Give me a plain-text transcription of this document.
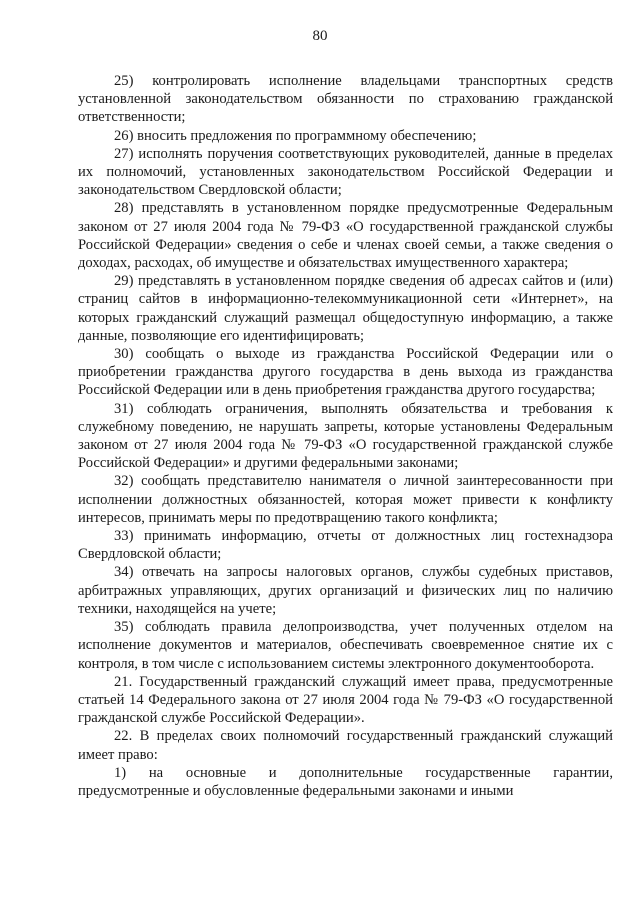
80

25) контролировать исполнение владельцами транспортных средств установленной законодательством обязанности по страхованию гражданской ответственности;

26) вносить предложения по программному обеспечению;

27) исполнять поручения соответствующих руководителей, данные в пределах их полномочий, установленных законодательством Российской Федерации и законодательством Свердловской области;

28) представлять в установленном порядке предусмотренные Федеральным законом от 27 июля 2004 года № 79-ФЗ «О государственной гражданской службы Российской Федерации» сведения о себе и членах своей семьи, а также сведения о доходах, расходах, об имуществе и обязательствах имущественного характера;

29) представлять в установленном порядке сведения об адресах сайтов и (или) страниц сайтов в информационно-телекоммуникационной сети «Интернет», на которых гражданский служащий размещал общедоступную информацию, а также данные, позволяющие его идентифицировать;

30) сообщать о выходе из гражданства Российской Федерации или о приобретении гражданства другого государства в день выхода из гражданства Российской Федерации или в день приобретения гражданства другого государства;

31) соблюдать ограничения, выполнять обязательства и требования к служебному поведению, не нарушать запреты, которые установлены Федеральным законом от 27 июля 2004 года № 79-ФЗ «О государственной гражданской службе Российской Федерации» и другими федеральными законами;

32) сообщать представителю нанимателя о личной заинтересованности при исполнении должностных обязанностей, которая может привести к конфликту интересов, принимать меры по предотвращению такого конфликта;

33) принимать информацию, отчеты от должностных лиц гостехнадзора Свердловской области;

34) отвечать на запросы налоговых органов, службы судебных приставов, арбитражных управляющих, других организаций и физических лиц по наличию техники, находящейся на учете;

35) соблюдать правила делопроизводства, учет полученных отделом на исполнение документов и материалов, обеспечивать своевременное снятие их с контроля, в том числе с использованием системы электронного документооборота.

21. Государственный гражданский служащий имеет права, предусмотренные статьей 14 Федерального закона от 27 июля 2004 года № 79-ФЗ «О государственной гражданской службе Российской Федерации».

22. В пределах своих полномочий государственный гражданский служащий имеет право:

1) на основные и дополнительные государственные гарантии, предусмотренные и обусловленные федеральными законами и иными
